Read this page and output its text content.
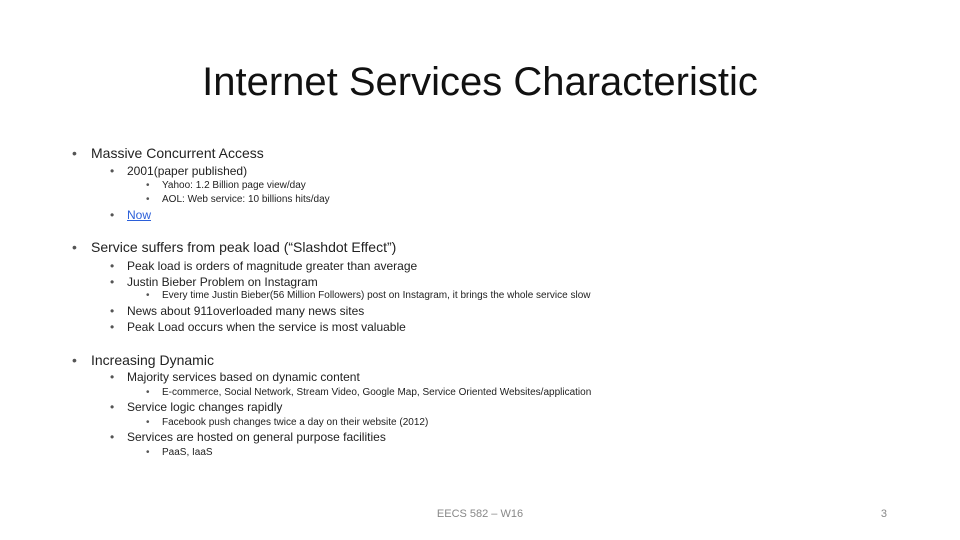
Internet Services Characteristic
• Massive Concurrent Access
• 2001(paper published)
• Yahoo: 1.2 Billion page view/day
• AOL: Web service: 10 billions hits/day
• Now
• Service suffers from peak load (“Slashdot Effect”)
• Peak load is orders of magnitude greater than average
• Justin Bieber Problem on Instagram
• Every time Justin Bieber(56 Million Followers) post on Instagram, it brings the whole service slow
• News about 911overloaded many news sites
• Peak Load occurs when the service is most valuable
• Increasing Dynamic
• Majority services based on dynamic content
• E-commerce, Social Network, Stream Video, Google Map, Service Oriented Websites/application
• Service logic changes rapidly
• Facebook push changes twice a day on their website (2012)
• Services are hosted on general purpose facilities
• PaaS, IaaS
EECS 582 – W16	3
